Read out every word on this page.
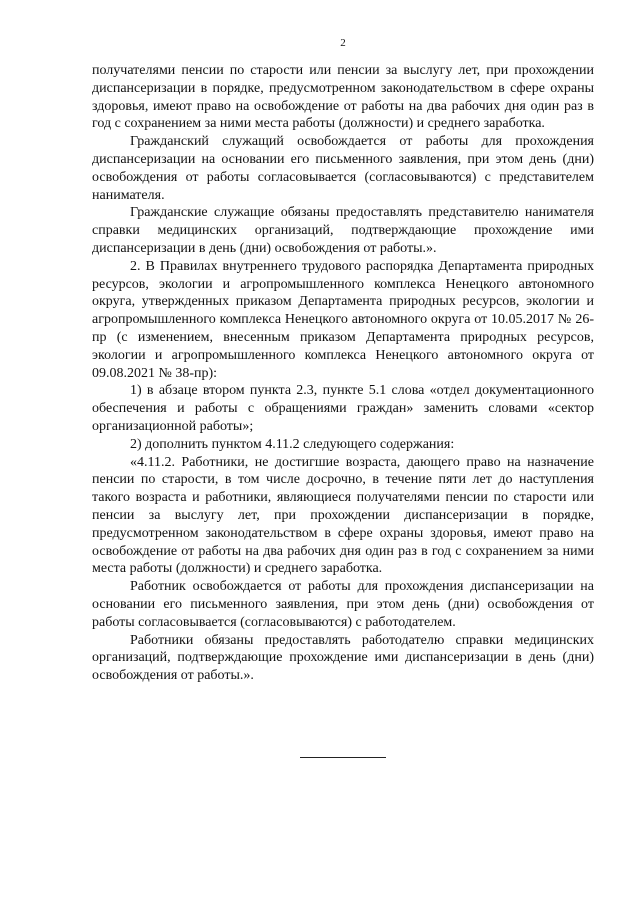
2

получателями пенсии по старости или пенсии за выслугу лет, при прохождении диспансеризации в порядке, предусмотренном законодательством в сфере охраны здоровья, имеют право на освобождение от работы на два рабочих дня один раз в год с сохранением за ними места работы (должности) и среднего заработка.

Гражданский служащий освобождается от работы для прохождения диспансеризации на основании его письменного заявления, при этом день (дни) освобождения от работы согласовывается (согласовываются) с представителем нанимателя.

Гражданские служащие обязаны предоставлять представителю нанимателя справки медицинских организаций, подтверждающие прохождение ими диспансеризации в день (дни) освобождения от работы.».

2. В Правилах внутреннего трудового распорядка Департамента природных ресурсов, экологии и агропромышленного комплекса Ненецкого автономного округа, утвержденных приказом Департамента природных ресурсов, экологии и агропромышленного комплекса Ненецкого автономного округа от 10.05.2017 № 26-пр (с изменением, внесенным приказом Департамента природных ресурсов, экологии и агропромышленного комплекса Ненецкого автономного округа от 09.08.2021 № 38-пр):

1) в абзаце втором пункта 2.3, пункте 5.1 слова «отдел документационного обеспечения и работы с обращениями граждан» заменить словами «сектор организационной работы»;

2) дополнить пунктом 4.11.2 следующего содержания:

«4.11.2. Работники, не достигшие возраста, дающего право на назначение пенсии по старости, в том числе досрочно, в течение пяти лет до наступления такого возраста и работники, являющиеся получателями пенсии по старости или пенсии за выслугу лет, при прохождении диспансеризации в порядке, предусмотренном законодательством в сфере охраны здоровья, имеют право на освобождение от работы на два рабочих дня один раз в год с сохранением за ними места работы (должности) и среднего заработка.

Работник освобождается от работы для прохождения диспансеризации на основании его письменного заявления, при этом день (дни) освобождения от работы согласовывается (согласовываются) с работодателем.

Работники обязаны предоставлять работодателю справки медицинских организаций, подтверждающие прохождение ими диспансеризации в день (дни) освобождения от работы.».
